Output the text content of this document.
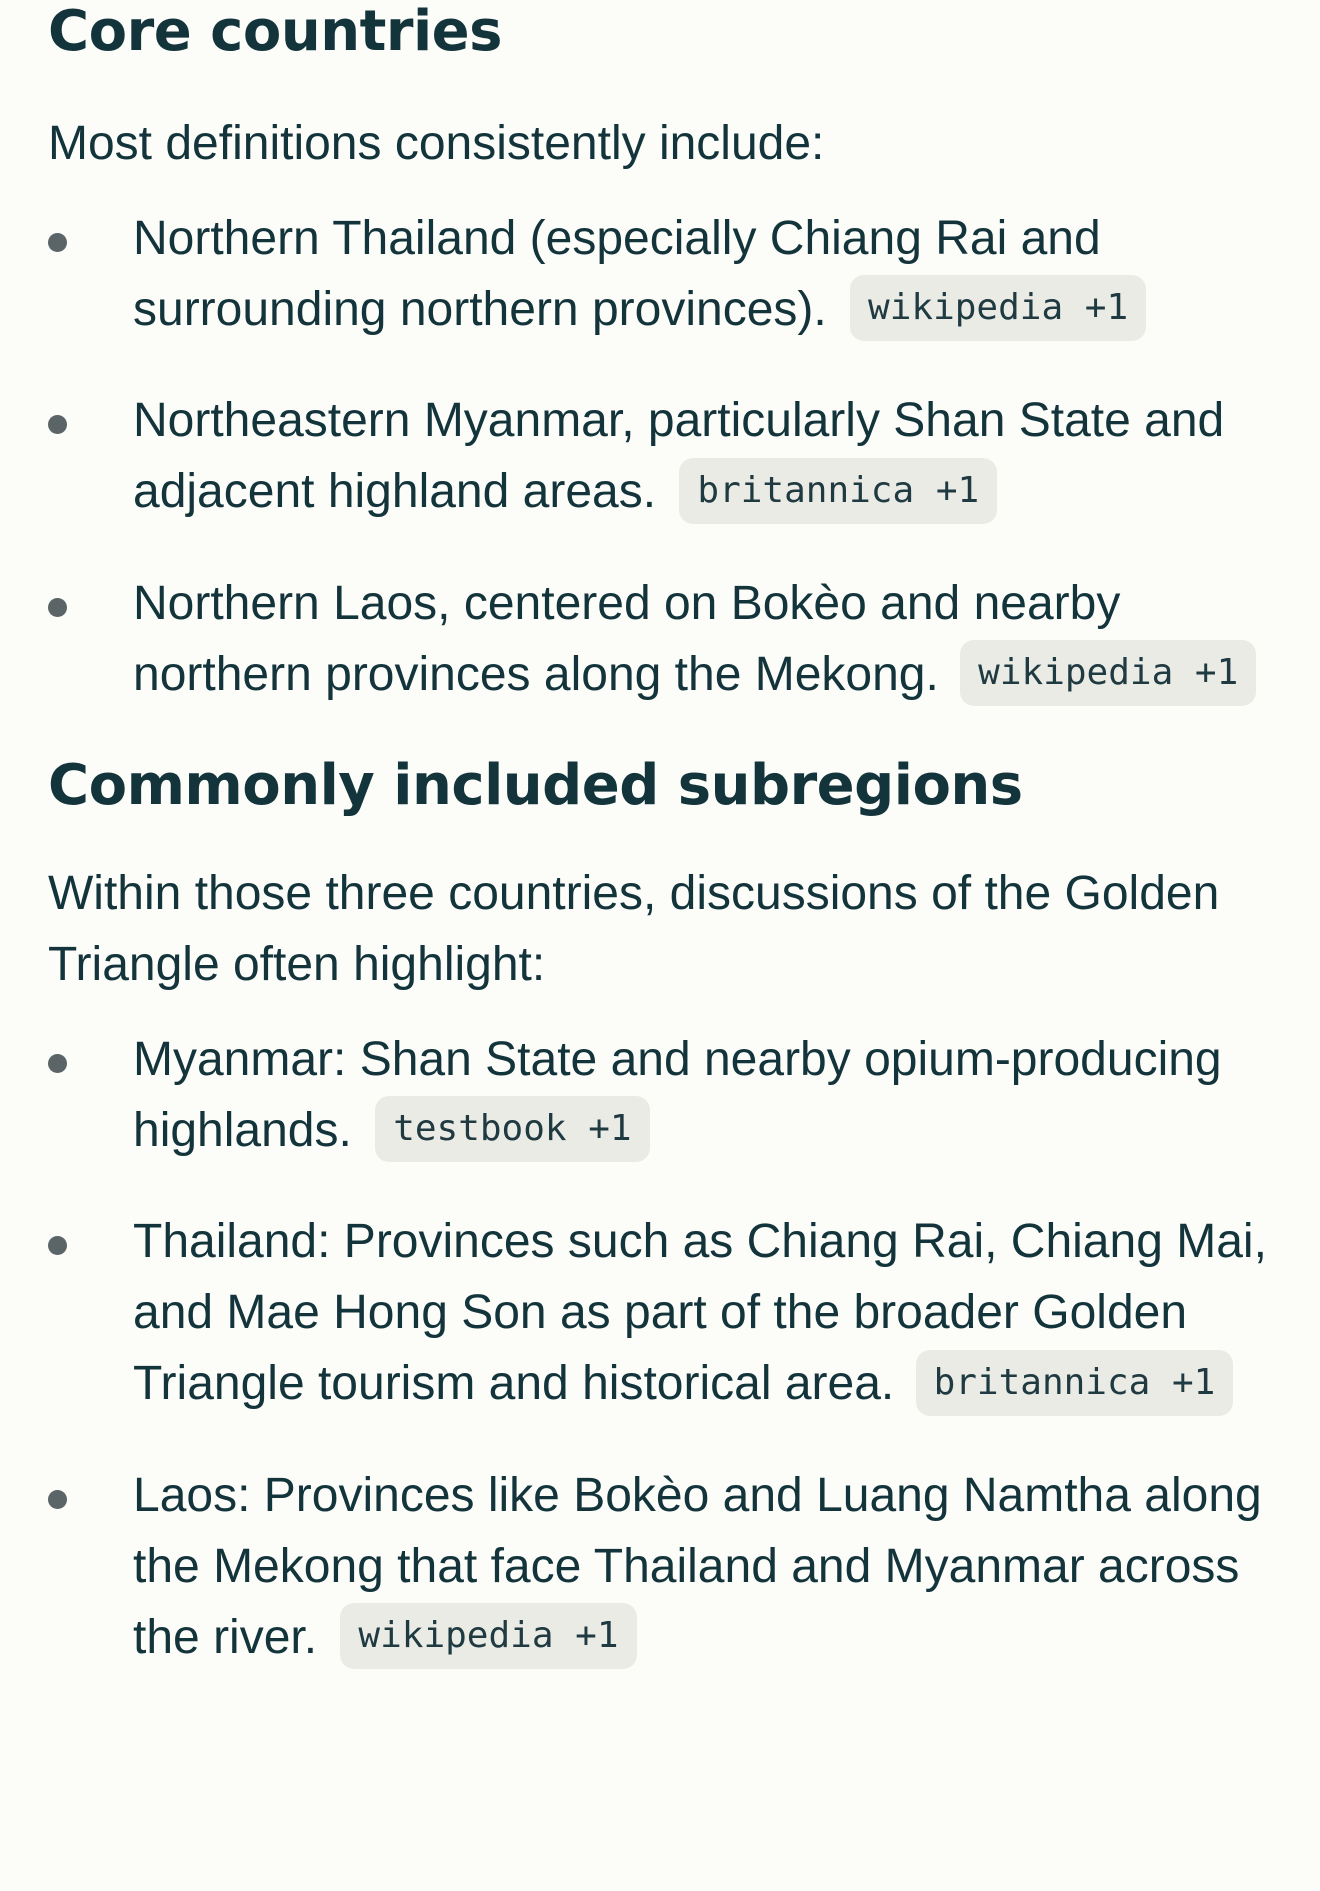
Core countries

Most definitions consistently include:

Northern Thailand (especially Chiang Rai and surrounding northern provinces). wikipedia +1
Northeastern Myanmar, particularly Shan State and adjacent highland areas. britannica +1
Northern Laos, centered on Bokèo and nearby northern provinces along the Mekong. wikipedia +1
Commonly included subregions

Within those three countries, discussions of the Golden Triangle often highlight:

Myanmar: Shan State and nearby opium-producing highlands. testbook +1
Thailand: Provinces such as Chiang Rai, Chiang Mai, and Mae Hong Son as part of the broader Golden Triangle tourism and historical area. britannica +1
Laos: Provinces like Bokèo and Luang Namtha along the Mekong that face Thailand and Myanmar across the river. wikipedia +1
